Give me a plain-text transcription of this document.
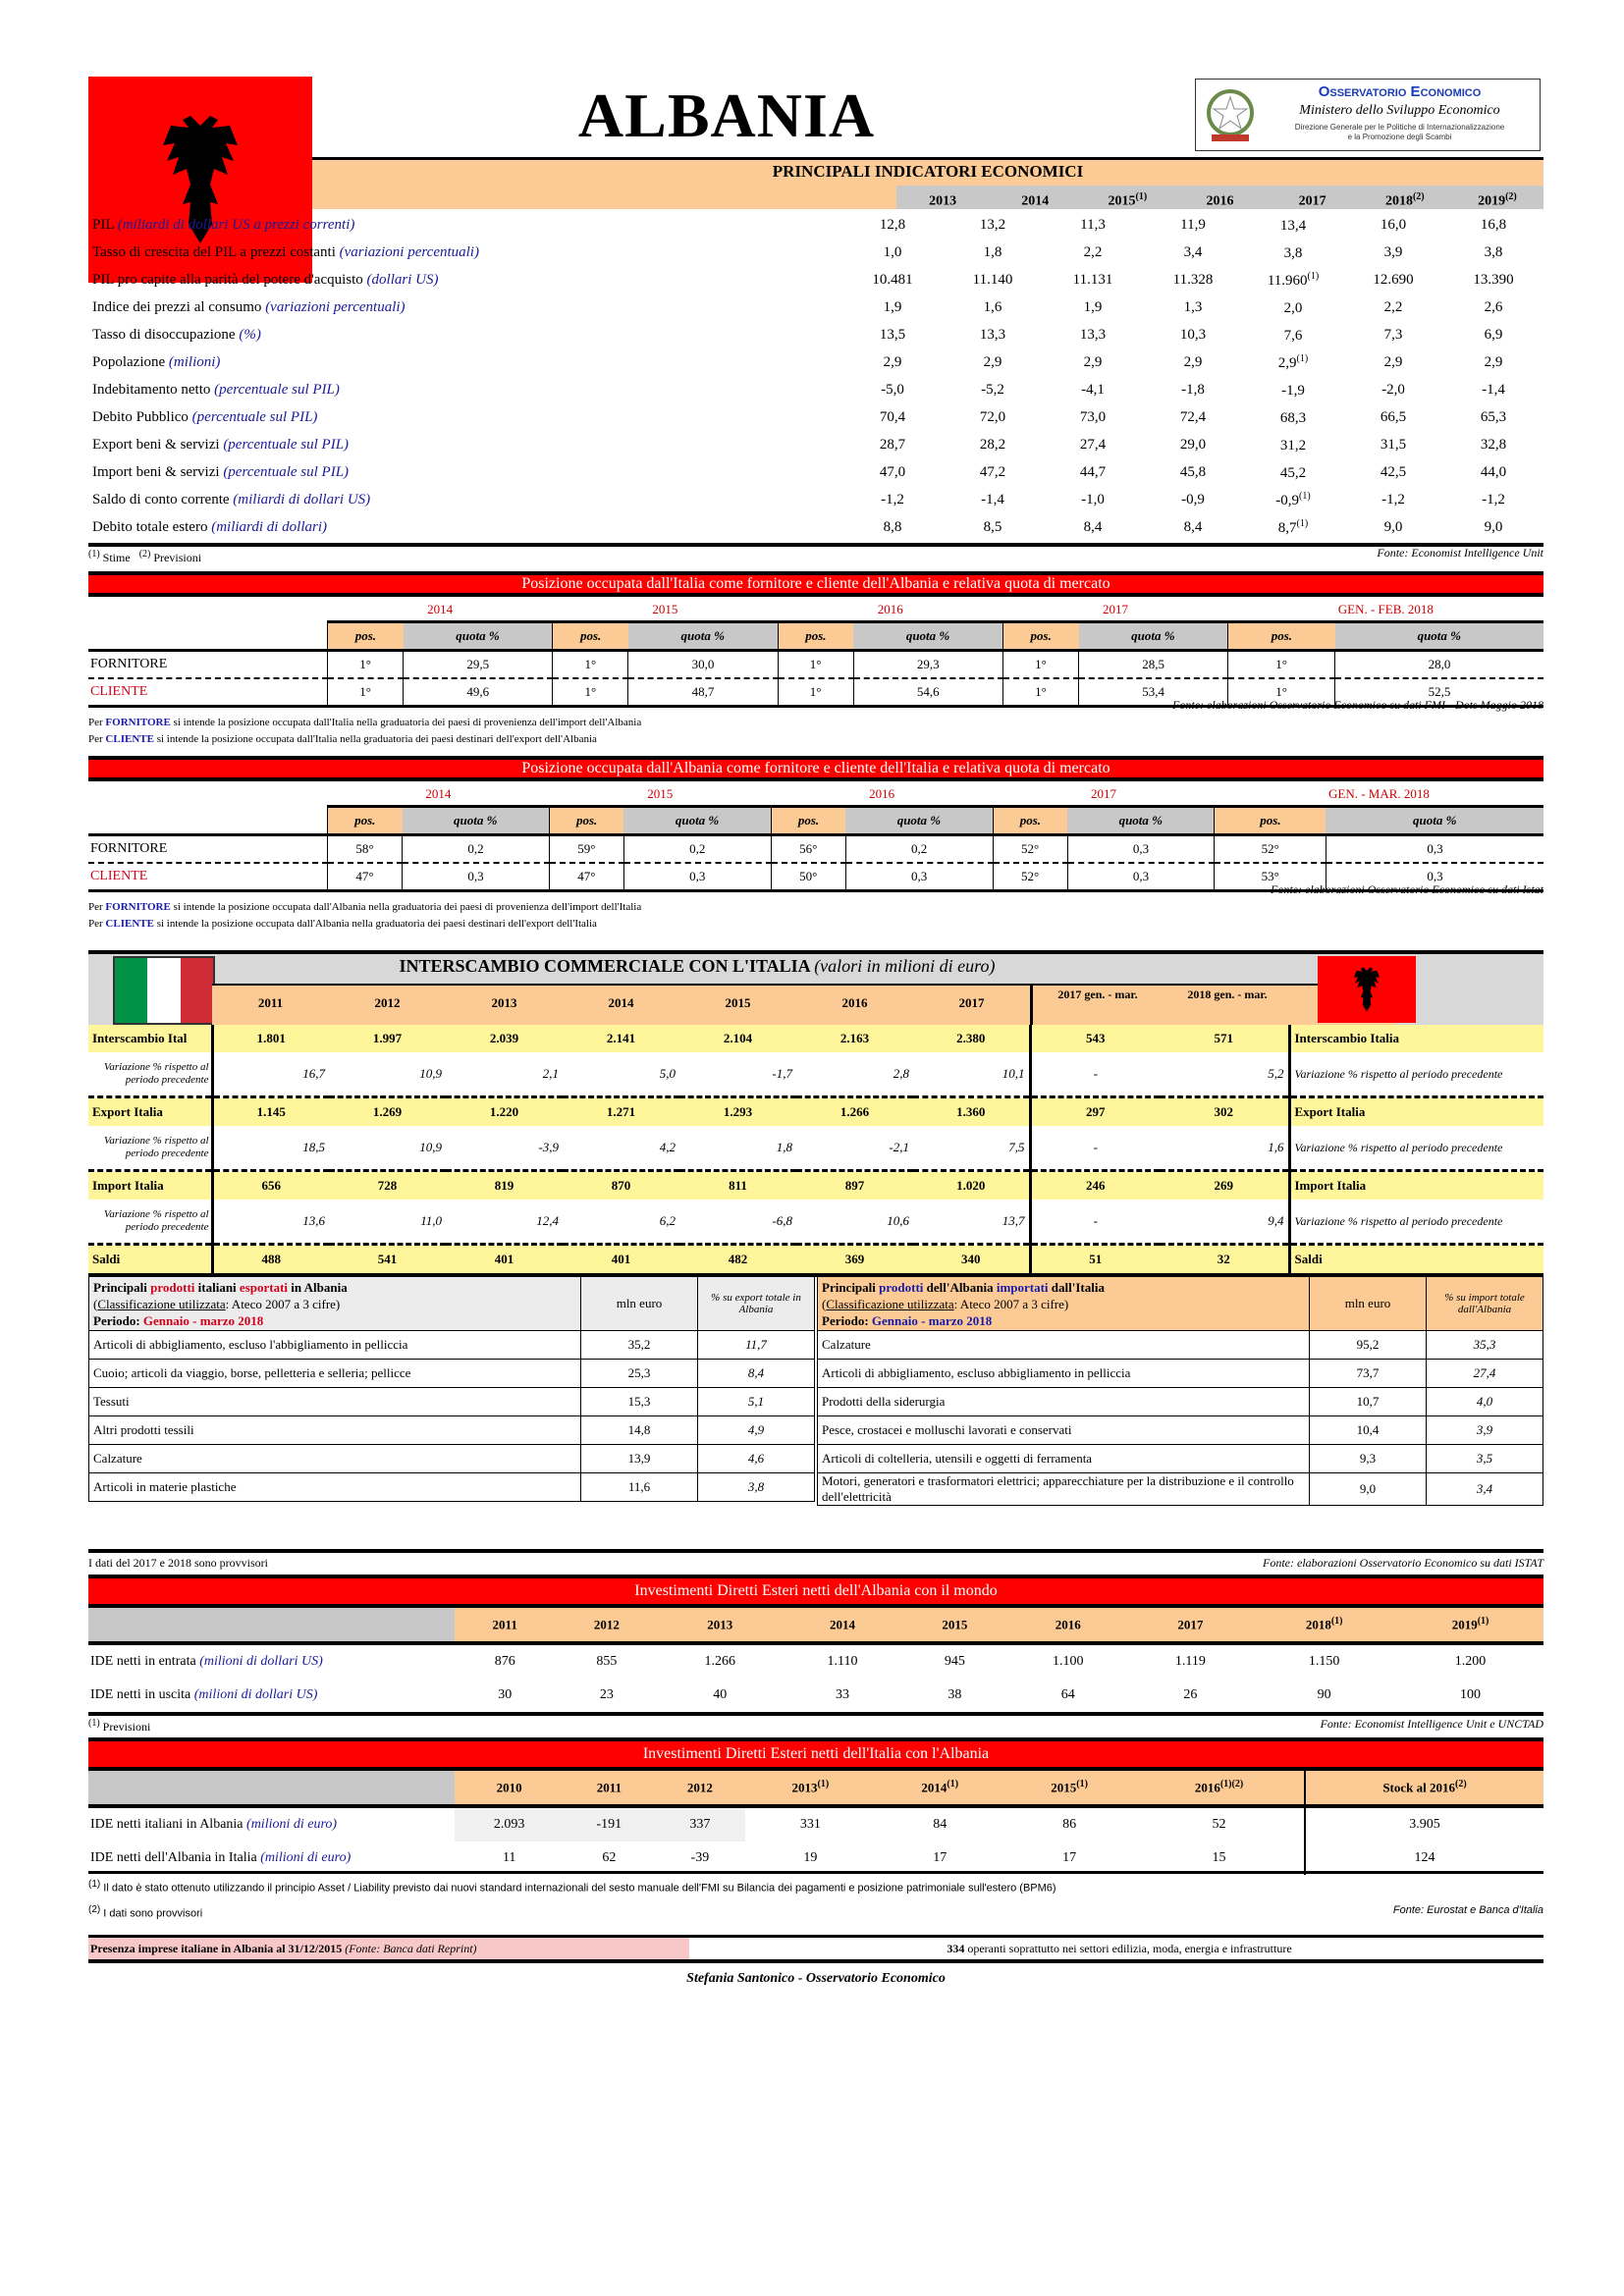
ALBANIA	Osservatorio Economico
Ministero dello Sviluppo Economico
Direzione Generale per le Politiche di Internazionalizzazione
e la Promozione degli Scambi
PRINCIPALI INDICATORI ECONOMICI
2013	2014	2015$^{(1)}$	2016	2017	2018$^{(2)}$	2019$^{(2)}$
PIL (miliardi di dollari US a prezzi correnti)	12,8	13,2	11,3	11,9	13,4	16,0	16,8
Tasso di crescita del PIL a prezzi costanti (variazioni percentuali)	1,0	1,8	2,2	3,4	3,8	3,9	3,8
PIL pro capite alla parità del potere d'acquisto (dollari US)	10.481	11.140	11.131	11.328	11.960$^{(1)}$	12.690	13.390
Indice dei prezzi al consumo (variazioni percentuali)	1,9	1,6	1,9	1,3	2,0	2,2	2,6
Tasso di disoccupazione (%)	13,5	13,3	13,3	10,3	7,6	7,3	6,9
Popolazione (milioni)	2,9	2,9	2,9	2,9	2,9$^{(1)}$	2,9	2,9
Indebitamento netto (percentuale sul PIL)	-5,0	-5,2	-4,1	-1,8	-1,9	-2,0	-1,4
Debito Pubblico (percentuale sul PIL)	70,4	72,0	73,0	72,4	68,3	66,5	65,3
Export beni & servizi (percentuale sul PIL)	28,7	28,2	27,4	29,0	31,2	31,5	32,8
Import beni & servizi (percentuale sul PIL)	47,0	47,2	44,7	45,8	45,2	42,5	44,0
Saldo di conto corrente (miliardi di dollari US)	-1,2	-1,4	-1,0	-0,9	-0,9$^{(1)}$	-1,2	-1,2
Debito totale estero (miliardi di dollari)	8,8	8,5	8,4	8,4	8,7$^{(1)}$	9,0	9,0
$^{(1)}$ Stime $^{(2)}$ Previsioni	Fonte: Economist Intelligence Unit
Posizione occupata dall'Italia come fornitore e cliente dell'Albania e relativa quota di mercato
	2014		2015		2016		2017		GEN. - FEB. 2018	
	pos.	quota %	pos.	quota %	pos.	quota %	pos.	quota %	pos.	quota %
FORNITORE	1°	29,5	1°	30,0	1°	29,3	1°	28,5	1°	28,0
CLIENTE	1°	49,6	1°	48,7	1°	54,6	1°	53,4	1°	52,5
Fonte: elaborazioni Osservatorio Economico su dati FMI - Dots Maggio 2018
Per FORNITORE si intende la posizione occupata dall'Italia nella graduatoria dei paesi di provenienza dell'import dell'Albania
Per CLIENTE si intende la posizione occupata dall'Italia nella graduatoria dei paesi destinari dell'export dell'Albania
Posizione occupata dall'Albania come fornitore e cliente dell'Italia e relativa quota di mercato
	2014		2015		2016		2017		GEN. - MAR. 2018	
	pos.	quota %	pos.	quota %	pos.	quota %	pos.	quota %	pos.	quota %
FORNITORE	58°	0,2	59°	0,2	56°	0,2	52°	0,3	52°	0,3
CLIENTE	47°	0,3	47°	0,3	50°	0,3	52°	0,3	53°	0,3
Fonte: elaborazioni Osservatorio Economico su dati Istat
Per FORNITORE si intende la posizione occupata dall'Albania nella graduatoria dei paesi di provenienza dell'import dell'Italia
Per CLIENTE si intende la posizione occupata dall'Albania nella graduatoria dei paesi destinari dell'export dell'Italia
INTERSCAMBIO COMMERCIALE CON L'ITALIA (valori in milioni di euro)
2011	2012	2013	2014	2015	2016	2017
2017 gen. - mar.	2018 gen. - mar.
Interscambio Ital	1.801	1.997	2.039	2.141	2.104	2.163	2.380	543	571	Interscambio Italia
Variazione % rispetto al periodo precedente	16,7	10,9	2,1	5,0	-1,7	2,8	10,1	-	5,2	Variazione % rispetto al periodo precedente
Export Italia	1.145	1.269	1.220	1.271	1.293	1.266	1.360	297	302	Export Italia
Variazione % rispetto al periodo precedente	18,5	10,9	-3,9	4,2	1,8	-2,1	7,5	-	1,6	Variazione % rispetto al periodo precedente
Import Italia	656	728	819	870	811	897	1.020	246	269	Import Italia
Variazione % rispetto al periodo precedente	13,6	11,0	12,4	6,2	-6,8	10,6	13,7	-	9,4	Variazione % rispetto al periodo precedente
Saldi	488	541	401	401	482	369	340	51	32	Saldi
Principali prodotti italiani esportati in Albania
(Classificazione utilizzata: Ateco 2007 a 3 cifre)
Periodo: Gennaio - marzo 2018	mln euro	% su export totale in Albania
Articoli di abbigliamento, escluso l'abbigliamento in pelliccia	35,2	11,7
Cuoio; articoli da viaggio, borse, pelletteria e selleria; pellicce	25,3	8,4
Tessuti	15,3	5,1
Altri prodotti tessili	14,8	4,9
Calzature	13,9	4,6
Articoli in materie plastiche	11,6	3,8
Principali prodotti dell'Albania importati dall'Italia
(Classificazione utilizzata: Ateco 2007 a 3 cifre)
Periodo: Gennaio - marzo 2018	mln euro	% su import totale dall'Albania
Calzature	95,2	35,3
Articoli di abbigliamento, escluso abbigliamento in pelliccia	73,7	27,4
Prodotti della siderurgia	10,7	4,0
Pesce, crostacei e molluschi lavorati e conservati	10,4	3,9
Articoli di coltelleria, utensili e oggetti di ferramenta	9,3	3,5
Motori, generatori e trasformatori elettrici; apparecchiature per la distribuzione e il controllo dell'elettricità	9,0	3,4
I dati del 2017 e 2018 sono provvisori	Fonte: elaborazioni Osservatorio Economico su dati ISTAT
Investimenti Diretti Esteri netti dell'Albania con il mondo
	2011	2012	2013	2014	2015	2016	2017	2018$^{(1)}$	2019$^{(1)}$
IDE netti in entrata (milioni di dollari US)	876	855	1.266	1.110	945	1.100	1.119	1.150	1.200
IDE netti in uscita (milioni di dollari US)	30	23	40	33	38	64	26	90	100
$^{(1)}$ Previsioni	Fonte: Economist Intelligence Unit e UNCTAD
Investimenti Diretti Esteri netti dell'Italia con l'Albania
	2010	2011	2012	2013$^{(1)}$	2014$^{(1)}$	2015$^{(1)}$	$2016^{(1)(2)}$	Stock al 2016$^{(2)}$
IDE netti italiani in Albania (milioni di euro)	2.093	-191	337	331	84	86	52	3.905
IDE netti dell'Albania in Italia (milioni di euro)	11	62	-39	19	17	17	15	124
(1) Il dato è stato ottenuto utilizzando il principio Asset / Liability previsto dai nuovi standard internazionali del sesto manuale dell'FMI su Bilancia dei pagamenti e posizione patrimoniale sull'estero (BPM6)
(2) I dati sono provvisori	Fonte: Eurostat e Banca d'Italia
Presenza imprese italiane in Albania al 31/12/2015 (Fonte: Banca dati Reprint)	334 operanti soprattutto nei settori edilizia, moda, energia e infrastrutture
Stefania Santonico - Osservatorio Economico
